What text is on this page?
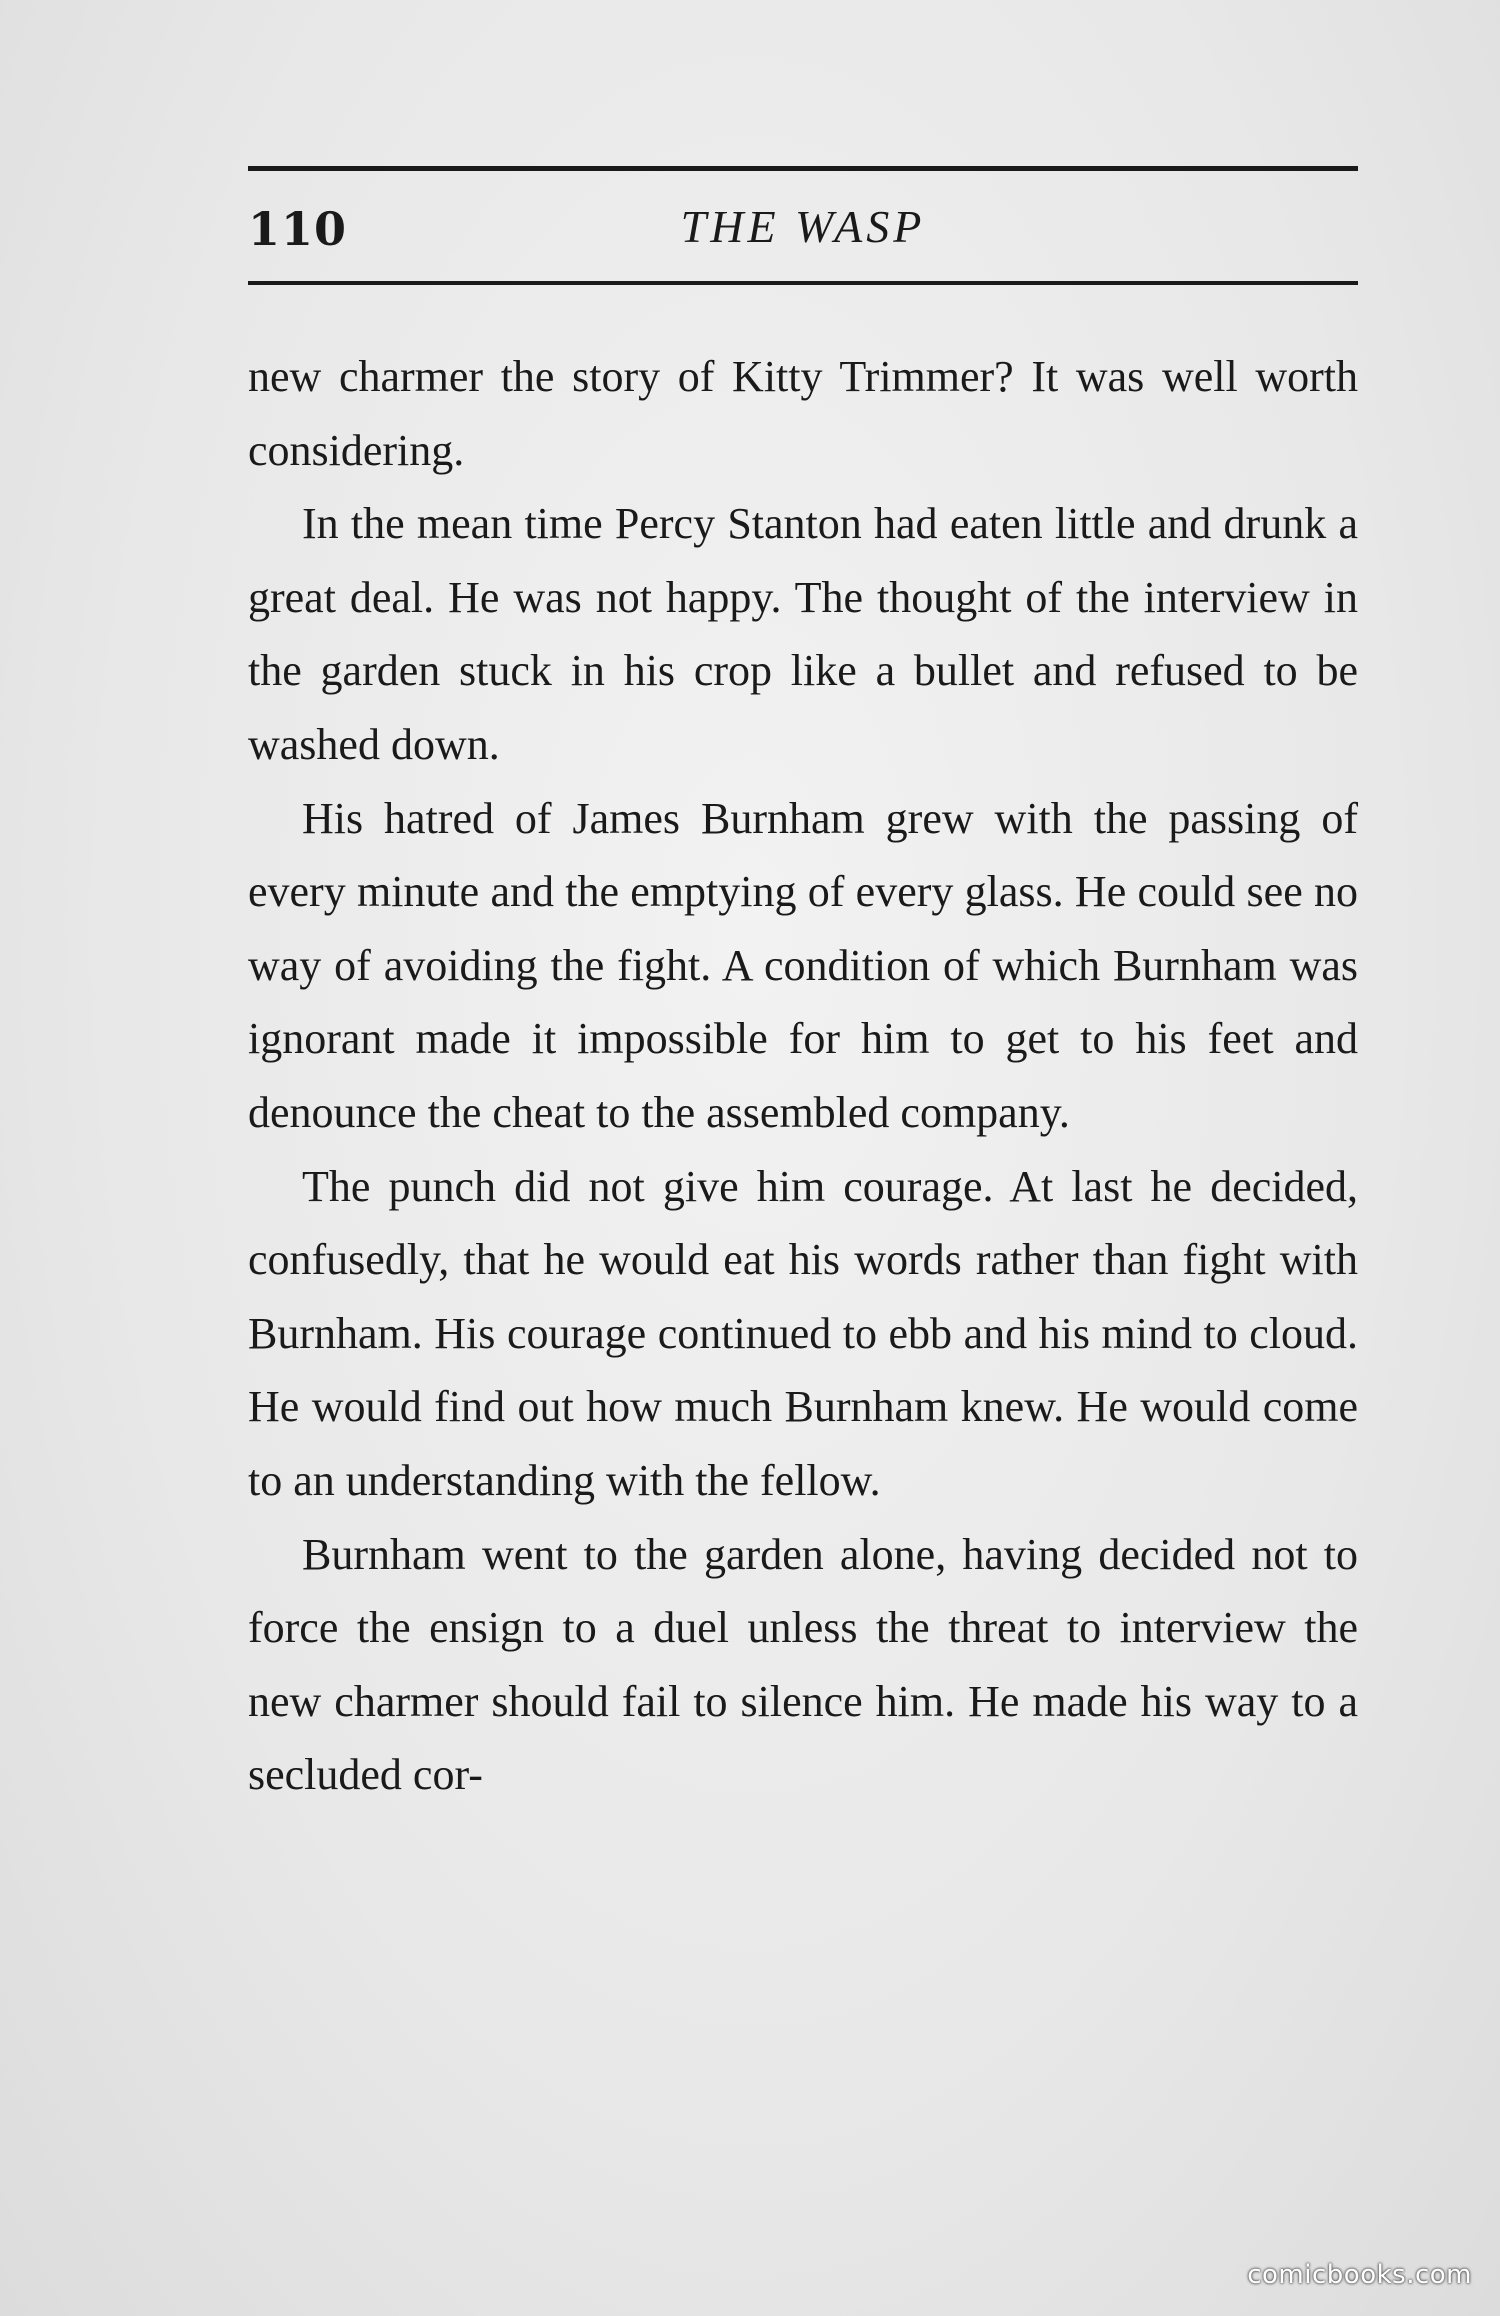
110	THE WASP

new charmer the story of Kitty Trimmer? It was well worth considering.

In the mean time Percy Stanton had eaten little and drunk a great deal. He was not happy. The thought of the interview in the garden stuck in his crop like a bullet and refused to be washed down.

His hatred of James Burnham grew with the passing of every minute and the emptying of every glass. He could see no way of avoiding the fight. A condition of which Burnham was ignorant made it impossible for him to get to his feet and denounce the cheat to the assembled company.

The punch did not give him courage. At last he decided, confusedly, that he would eat his words rather than fight with Burnham. His courage continued to ebb and his mind to cloud. He would find out how much Burnham knew. He would come to an understanding with the fellow.

Burnham went to the garden alone, having decided not to force the ensign to a duel unless the threat to interview the new charmer should fail to silence him. He made his way to a secluded cor-

comicbooks.com
